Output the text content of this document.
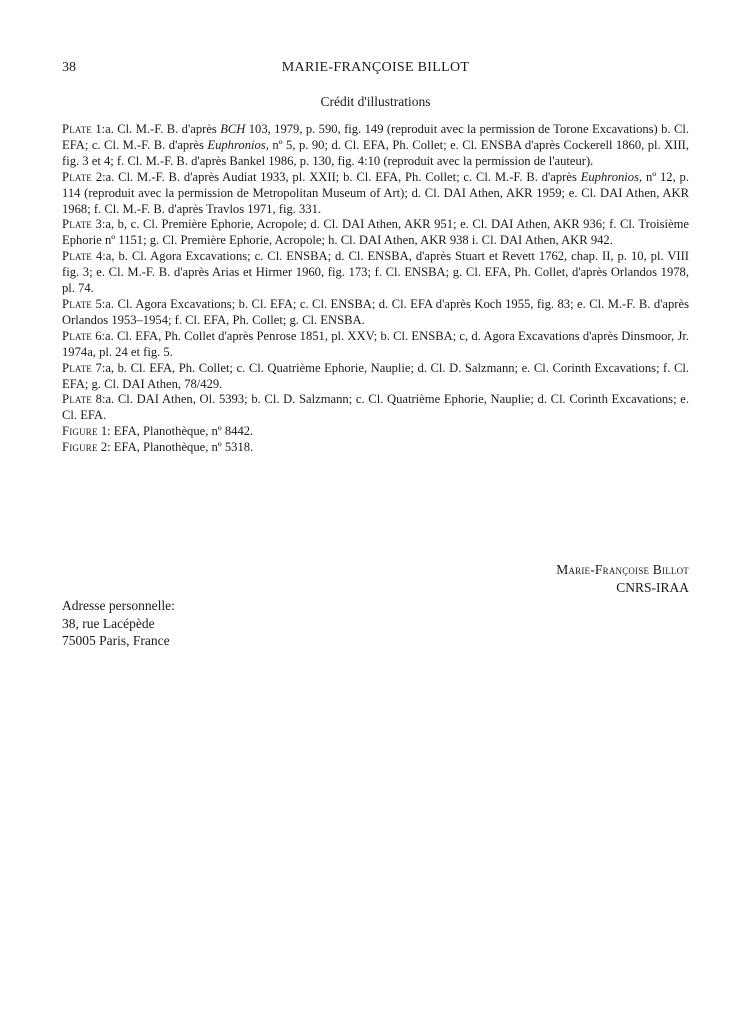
38	MARIE-FRANÇOISE BILLOT
Crédit d'illustrations

Plate 1:a. Cl. M.-F. B. d'après BCH 103, 1979, p. 590, fig. 149 (reproduit avec la permission de Torone Excavations) b. Cl. EFA; c. Cl. M.-F. B. d'après Euphronios, nº 5, p. 90; d. Cl. EFA, Ph. Collet; e. Cl. ENSBA d'après Cockerell 1860, pl. XIII, fig. 3 et 4; f. Cl. M.-F. B. d'après Bankel 1986, p. 130, fig. 4:10 (reproduit avec la permission de l'auteur).

Plate 2:a. Cl. M.-F. B. d'après Audiat 1933, pl. XXII; b. Cl. EFA, Ph. Collet; c. Cl. M.-F. B. d'après Euphronios, nº 12, p. 114 (reproduit avec la permission de Metropolitan Museum of Art); d. Cl. DAI Athen, AKR 1959; e. Cl. DAI Athen, AKR 1968; f. Cl. M.-F. B. d'après Travlos 1971, fig. 331.

Plate 3:a, b, c. Cl. Première Ephorie, Acropole; d. Cl. DAI Athen, AKR 951; e. Cl. DAI Athen, AKR 936; f. Cl. Troisième Ephorie nº 1151; g. Cl. Première Ephorie, Acropole; h. Cl. DAI Athen, AKR 938 i. Cl. DAI Athen, AKR 942.

Plate 4:a, b. Cl. Agora Excavations; c. Cl. ENSBA; d. Cl. ENSBA, d'après Stuart et Revett 1762, chap. II, p. 10, pl. VIII fig. 3; e. Cl. M.-F. B. d'après Arias et Hirmer 1960, fig. 173; f. Cl. ENSBA; g. Cl. EFA, Ph. Collet, d'après Orlandos 1978, pl. 74.

Plate 5:a. Cl. Agora Excavations; b. Cl. EFA; c. Cl. ENSBA; d. Cl. EFA d'après Koch 1955, fig. 83; e. Cl. M.-F. B. d'après Orlandos 1953–1954; f. Cl. EFA, Ph. Collet; g. Cl. ENSBA.

Plate 6:a. Cl. EFA, Ph. Collet d'après Penrose 1851, pl. XXV; b. Cl. ENSBA; c, d. Agora Excavations d'après Dinsmoor, Jr. 1974a, pl. 24 et fig. 5.

Plate 7:a, b. Cl. EFA, Ph. Collet; c. Cl. Quatrième Ephorie, Nauplie; d. Cl. D. Salzmann; e. Cl. Corinth Excavations; f. Cl. EFA; g. Cl. DAI Athen, 78/429.

Plate 8:a. Cl. DAI Athen, Ol. 5393; b. Cl. D. Salzmann; c. Cl. Quatrième Ephorie, Nauplie; d. Cl. Corinth Excavations; e. Cl. EFA.

Figure 1: EFA, Planothèque, nº 8442.

Figure 2: EFA, Planothèque, nº 5318.

Marie-Françoise Billot
CNRS-IRAA
Adresse personnelle:
38, rue Lacépède
75005 Paris, France
